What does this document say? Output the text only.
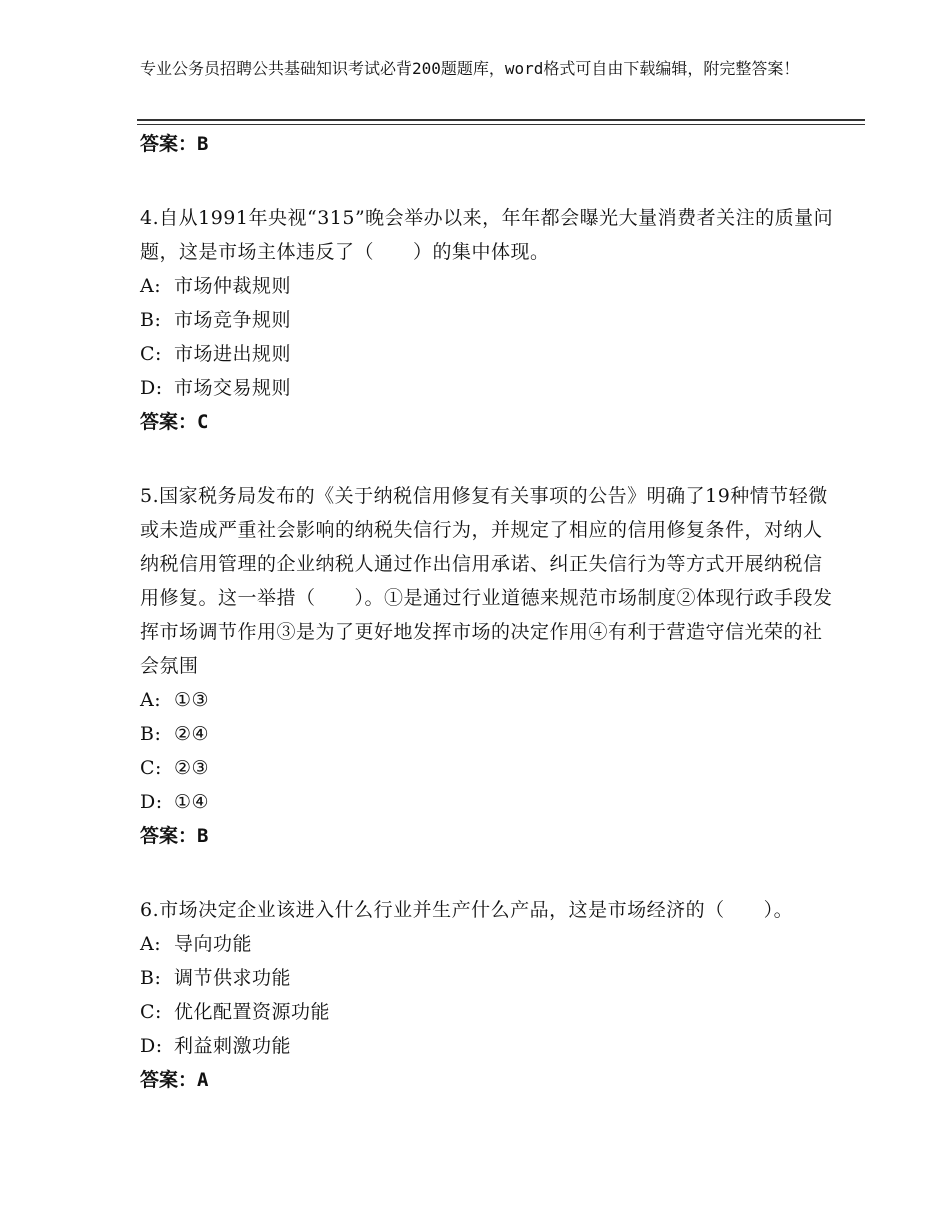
专业公务员招聘公共基础知识考试必背200题题库，word格式可自由下载编辑，附完整答案！
答案：B

4.自从1991年央视“315”晚会举办以来，年年都会曝光大量消费者关注的质量问题，这是市场主体违反了（　　）的集中体现。

A: 市场仲裁规则
B: 市场竞争规则
C: 市场进出规则
D: 市场交易规则
答案：C

5.国家税务局发布的《关于纳税信用修复有关事项的公告》明确了19种情节轻微或未造成严重社会影响的纳税失信行为，并规定了相应的信用修复条件，对纳人纳税信用管理的企业纳税人通过作出信用承诺、纠正失信行为等方式开展纳税信用修复。这一举措（　　）。①是通过行业道德来规范市场制度②体现行政手段发挥市场调节作用③是为了更好地发挥市场的决定作用④有利于营造守信光荣的社会氛围

A: ①③
B: ②④
C: ②③
D: ①④
答案：B

6.市场决定企业该进入什么行业并生产什么产品，这是市场经济的（　　）。

A: 导向功能
B: 调节供求功能
C: 优化配置资源功能
D: 利益刺激功能
答案：A
